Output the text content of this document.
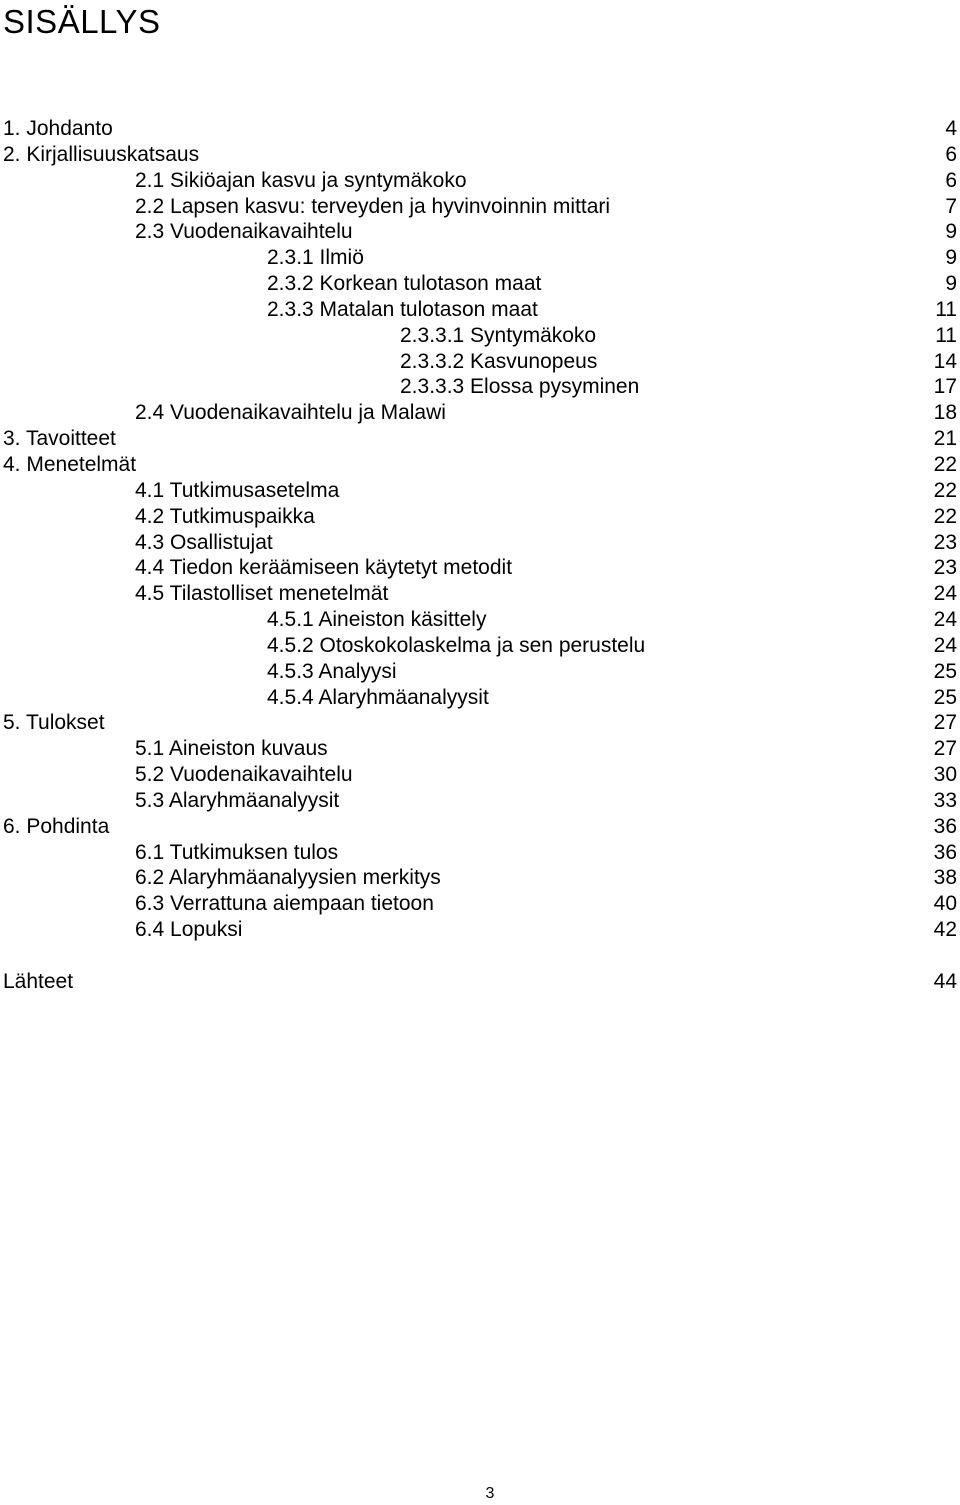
SISÄLLYS
1. Johdanto	4
2. Kirjallisuuskatsaus	6
2.1 Sikiöajan kasvu ja syntymäkoko	6
2.2 Lapsen kasvu: terveyden ja hyvinvoinnin mittari	7
2.3 Vuodenaikavaihtelu	9
2.3.1 Ilmiö	9
2.3.2 Korkean tulotason maat	9
2.3.3 Matalan tulotason maat	11
2.3.3.1 Syntymäkoko	11
2.3.3.2 Kasvunopeus	14
2.3.3.3 Elossa pysyminen	17
2.4 Vuodenaikavaihtelu ja Malawi	18
3. Tavoitteet	21
4. Menetelmät	22
4.1 Tutkimusasetelma	22
4.2 Tutkimuspaikka	22
4.3 Osallistujat	23
4.4 Tiedon keräämiseen käytetyt metodit	23
4.5 Tilastolliset menetelmät	24
4.5.1 Aineiston käsittely	24
4.5.2 Otoskokolaskelma ja sen perustelu	24
4.5.3 Analyysi	25
4.5.4 Alaryhmäanalyysit	25
5. Tulokset	27
5.1 Aineiston kuvaus	27
5.2 Vuodenaikavaihtelu	30
5.3 Alaryhmäanalyysit	33
6. Pohdinta	36
6.1 Tutkimuksen tulos	36
6.2 Alaryhmäanalyysien merkitys	38
6.3 Verrattuna aiempaan tietoon	40
6.4 Lopuksi	42
Lähteet	44
3
